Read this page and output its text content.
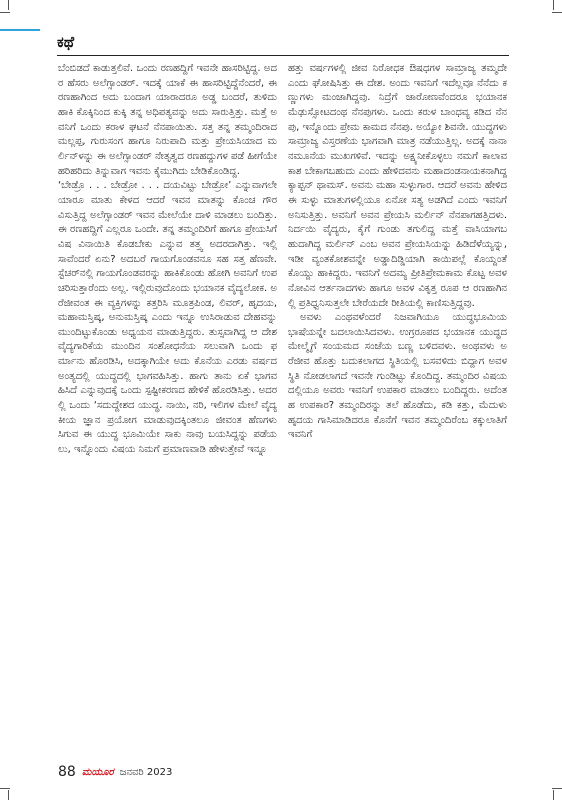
ಕಥೆ

ಬೆಂಬಿಡದೆ ಕಾಡುತ್ತಲಿವೆ. ಒಂದು ರಣಹದ್ದಿಗೆ ಇವನೇ ಹಾಸರಿಟ್ಟಿದ್ದ. ಅದರ ಹೆಸರು ಅಲೆಗ್ಸಾಂಡರ್. ಇದಕ್ಕೆ ಯಾಕೆ ಈ ಹಾಸರಿಟ್ಟಿದ್ದೆನೆಂದರೆ, ಈ ರಣಹಾಗಿಂದ ಅದು ಬಂದಾಗ ಯಾರಾದರೂ ಅಡ್ಡ ಬಂದರೆ, ತುಳಿದು ಹಾಕಿ ಕೊಕ್ಕಿನಿಂದ ಕುಕ್ಕಿ ತನ್ನ ಅಧಿಪತ್ಯವನ್ನು ಅದು ಸಾರುತ್ತಿತ್ತು. ಮತ್ತೆ ಅವನಿಗೆ ಒಂದು ಕರಾಳ ಘಟನೆ ನೆನಪಾಯಿತು. ಸತ್ತ ತನ್ನ ತಮ್ಮಂದಿರಾದ ಮಲ್ಲಪ್ಪ, ಗುರುಸಂಗ ಹಾಗೂ ನಿರುಪಾದಿ ಮತ್ತು ಪ್ರೇಯಸಿಯಾದ ಮರ್ಲಿನ್‌ಳನ್ನು ಈ ಅಲೆಗ್ಸಾಂಡರ್ ನೇತೃತ್ವದ ರಣಹದ್ದುಗಳ ಪಡೆ ಹೀಗೆಯೇ ಹರಿಹರಿದು ತಿನ್ನುವಾಗ ಇವನು ಕೈಮುಗಿದು ಬೇಡಿಕೊಂಡಿದ್ದ.

‘ಬೇಡ್ರೊ . . . ಬೇಡ್ರೋ . . . ದಯವಿಟ್ಟು ಬೇಡ್ರೋ’ ಎನ್ನುವಾಗಲೇ ಯಾರೂ ಮಾತು ಕೇಳದ ಆದರೆ ಇವನ ಮಾತನ್ನು ಕೊಂಚ ಗೌರವಿಸುತ್ತಿದ್ದ ಅಲೆಗ್ಸಾಂಡರ್ ಇವನ ಮೇಲೆಯೇ ದಾಳಿ ಮಾಡಲು ಬಂದಿತ್ತು. ಈ ರಣಹದ್ದಿಗೆ ಎಲ್ಲರೂ ಒಂದೇ. ತನ್ನ ತಮ್ಮಂದಿರಿಗೆ ಹಾಗೂ ಪ್ರೇಯಸಿಗೆ ವಿಷ ವಿನಾಯಿತಿ ಕೊಡಬೇಕು ಎನ್ನುವ ತತ್ತ್ವ ಅದರದಾಗಿತ್ತು. ಇಲ್ಲಿ ಸಾವೆಂದರೆ ಏನು? ಅದಬರೆ ಗಾಯಗೊಂಡವನೂ ಸಹ ಸತ್ತ ಹೆಣವೇ. ಸ್ಟೆಚರ್‌ನಲ್ಲಿ ಗಾಯಗೊಂಡವರನ್ನು ಹಾಕಿಕೊಂಡು ಹೋಗಿ ಅವನಿಗೆ ಉಪಚರಿಸುತ್ತಾರೆಂದು ಅಲ್ಲ. ಇಲ್ಲಿರುವುದೊಂದು ಭಯಾನಕ ವೈದ್ಯಲೋಕ. ಅರೆಜೀವಂತ ಈ ವ್ಯಕ್ತಿಗಳನ್ನು ಕತ್ತರಿಸಿ ಮೂತ್ರಪಿಂಡ, ಲಿವರ್, ಹೃದಯ, ಮಹಾಮಸ್ತಿಷ್ಕ, ಅನುಮಸ್ತಿಷ್ಕ ಎಂದು ಇನ್ನೂ ಉಸಿರಾಡುವ ದೇಹವನ್ನು ಮುಂದಿಟ್ಟುಕೊಂಡು ಅಧ್ಯಯನ ಮಾಡುತ್ತಿದ್ದರು. ತುಸ್ಸವಾಗಿದ್ದ ಆ ದೇಶ ವೈದ್ಯಗಾರಿಕೆಯ ಮುಂದಿನ ಸಂಶೋಧನೆಯ ಸಲುವಾಗಿ ಒಂದು ಫರ್ಮಾನು ಹೊರಡಿಸಿ, ಅದಕ್ಕಾಗಿಯೇ ಅದು ಕೊನೆಯ ಎರಡು ವರ್ಷದ ಅಂತ್ಯದಲ್ಲಿ ಯುದ್ಧದಲ್ಲಿ ಭಾಗವಹಿಸಿತ್ತು. ಹಾಗು ತಾನು ಏಕೆ ಭಾಗವಹಿಸಿದೆ ಎನ್ನುವುದಕ್ಕೆ ಒಂದು ಸ್ಪಷ್ಟೀಕರಣದ ಹೇಳಿಕೆ ಹೊರಡಿಸಿತ್ತು. ಅದರಲ್ಲಿ ಒಂದು ‘ಸದುದ್ದೇಶದ ಯುದ್ಧ. ನಾಯಿ, ನರಿ, ಇಲಿಗಳ ಮೇಲೆ ವೈದ್ಯಕೀಯ ಜ್ಞಾನ ಪ್ರಯೋಗ ಮಾಡುವುದಕ್ಕಿಂತಲೂ ಜೀವಂತ ಹೆಣಗಳು ಸಿಗುವ ಈ ಯುದ್ಧ ಭೂಮಿಯೇ ಸಾಕು ನಾವು ಬಯಸಿದ್ದನ್ನು ಪಡೆಯಲು, ಇನ್ನೊಂದು ವಿಷಯ ನಿಮಗೆ ಪ್ರಮಾಣವಾಡಿ ಹೇಳುತ್ತೇವೆ ಇನ್ನೂ

ಹತ್ತು ವರ್ಷಗಳಲ್ಲಿ ಜೀವ ನಿರೋಧಕ ಔಷಧಗಳ ಸಾಮ್ರಾಜ್ಯ ತಮ್ಮದೇ ಎಂದು ಘೋಷಿಸಿತ್ತು ಈ ದೇಶ. ಅಂದು ಇವನಿಗೆ ಇದೆಲ್ಲವೂ ನೆನೆದು ಕಣ್ಣುಗಳು ಮಂಜಾಗಿದ್ದವು. ನಿದ್ರೆಗೆ ಜಾರೋಣವೆಂದರೂ ಭಯಾನಕ ಮೆಢುಸ್ಸೋಟದಂಥ ನೆನಪುಗಳು. ಒಂದು ಕರುಳ ಬಾಂಧವ್ಯ ಕಡಿದ ನೆನಪು, ಇನ್ನೊಂದು ಪ್ರೇಮ ಕಾಮದ ನೆನಪು. ಅಯ್ಯೋ ಶಿವನೇ. ಯುದ್ಧಗಳು ಸಾಮ್ರಾಜ್ಯ ವಿಸ್ತರಣೆಯ ಭಾಗವಾಗಿ ಮಾತ್ರ ನಡೆಯುತ್ತಿಲ್ಲ. ಅದಕ್ಕೆ ನಾನಾ ನಮೂನೆಯ ಮುಖಗಳಿವೆ. ಇದನ್ನು ಅಕ್ಷ್ಯನೀಕೊಳ್ಳಲು ನಮಗೆ ಕಾಲಾವಕಾಶ ಬೇಕಾಗಬಹುದು ಎಂದು ಹೇಳಿದವನು ಮಹಾದಂಡನಾಯಕನಾಗಿದ್ದ ಕ್ಯಾಪ್ಟನ್ ಥಾಮಸ್. ಅವನು ಮಹಾ ಸುಳ್ಳುಗಾರ. ಆದರೆ ಅವನು ಹೇಳಿದ ಈ ಸುಳ್ಳು ಮಾತುಗಳಲ್ಲಿಯೂ ಏನೋ ಸತ್ಯ ಅಡಗಿದೆ ಎಂದು ಇವನಿಗೆ ಅನಿಸುತ್ತಿತ್ತು. ಅವನಿಗೆ ಅವನ ಪ್ರೇಯಸಿ ಮರ್ಲಿನ್ ನೆನಪಾಗಹತ್ತಿದಳು. ನಿರ್ದಯಿ ವೈದ್ಯರು, ಕೈಗೆ ಗುಂಡು ತಗುಲಿದ್ದ ಮತ್ತೆ ವಾಸಿಯಾಗಬಹುದಾಗಿದ್ದ ಮರ್ಲಿನ್ ಎಂಬ ಅವನ ಪ್ರೇಯಸಿಯನ್ನು ಹಿಡಿದೆಳೆಯ್ಯನ್ನು, ಇಡೀ ವ್ಯಂತಕೋಶವನ್ನೇ ಅಡ್ಡಾದಿಡ್ಡಿಯಾಗಿ ಕಾಯಿಪಲ್ಲೆ ಕೊಯ್ದಂತೆ ಕೊಯ್ದು ಹಾಕಿದ್ದರು. ಇವನಿಗೆ ಅದಮ್ಯ ಪ್ರೀತಿಪ್ರೇಮಕಾಮ ಕೊಟ್ಟ ಅವಳ ನೋವಿನ ಆರ್ತನಾದಗಳು ಹಾಗೂ ಅವಳ ವಿಕೃತ್ತ ರೂಪ ಆ ರಣಹಾಗಿನಲ್ಲಿ ಪ್ರತಿಧ್ವನಿಸುತ್ತಲೇ ಬೇರೆಯದೇ ರೀತಿಯಲ್ಲಿ ಕಾಣಿಸುತ್ತಿದ್ದವು.

ಅವಳು ಎಂಥವಳೆಂದರೆ ನಿಜವಾಗಿಯೂ ಯುದ್ಧಭೂಮಿಯ ಭಾಷೆಯನ್ನೇ ಬದಲಾಯಿಸಿದವಳು. ಉಗ್ರರೂಪದ ಭಯಾನಕ ಯುದ್ಧದ ಮೇಲ್ಮೈಗೆ ಸಂಯಮದ ಸಂಜೆಯ ಬಣ್ಣ ಬಳಿದವಳು. ಅಂಥವಳು ಅರೆಜೀವ ಹೊತ್ತು ಬದುಕಲಾಗದ ಸ್ಥಿತಿಯಲ್ಲಿ ಬಸವಳಿದು ಬಿದ್ದಾಗ ಅವಳ ಸ್ಥಿತಿ ನೋಡಲಾಗದೆ ಇವನೇ ಗುಂಡಿಟ್ಟು ಕೊಂದಿದ್ದ. ತಮ್ಮಂದಿರ ವಿಷಯದಲ್ಲಿಯೂ ಅವರು ಇವನಿಗೆ ಉಪಕಾರ ಮಾಡಲು ಬಂದಿದ್ದರು. ಅದೆಂತಹ ಉಪಕಾರ? ತಮ್ಮಂದಿರನ್ನು ತಲೆ ಹೊಡೆದು, ಕಡಿ ಕತ್ತು, ಮೆದುಳು ಹೃದಯ ಗಾಸಿಮಾಡಿದರೂ ಕೊನೆಗೆ ಇವನ ತಮ್ಮಂದಿರೆಂಬ ಕಕ್ಕುಲಾತಿಗೆ ಇವನಿಗೆ

88 ಮಯೂರ ಜನವರಿ 2023
